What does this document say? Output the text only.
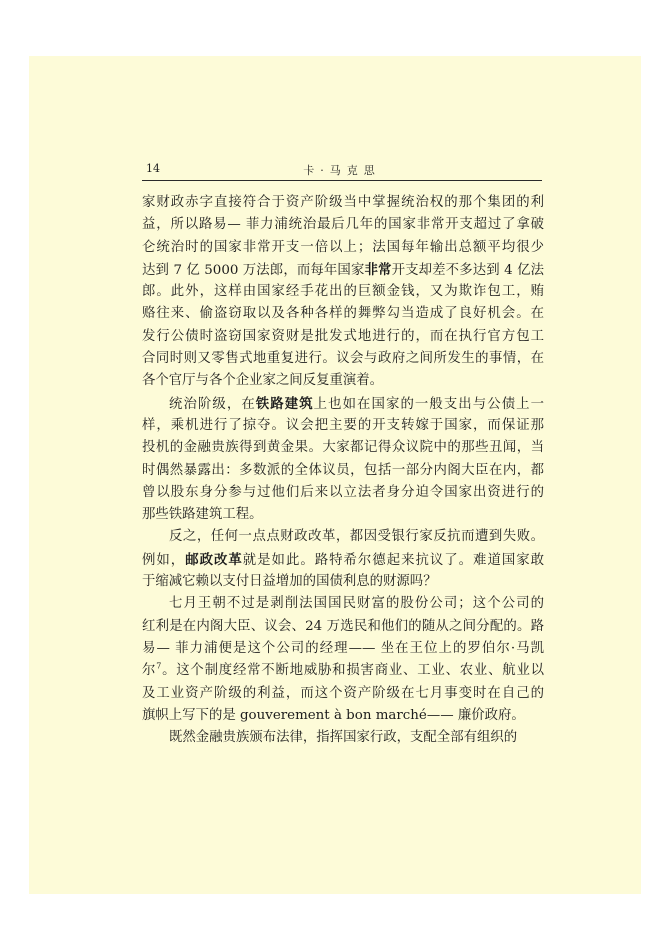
14	卡·马克思
家财政赤字直接符合于资产阶级当中掌握统治权的那个集团的利
益，所以路易— 菲力浦统治最后几年的国家非常开支超过了拿破
仑统治时的国家非常开支一倍以上；法国每年输出总额平均很少
达到 7 亿 5000 万法郎，而每年国家非常开支却差不多达到 4 亿法
郎。此外，这样由国家经手花出的巨额金钱，又为欺诈包工，贿
赂往来、偷盗窃取以及各种各样的舞弊勾当造成了良好机会。在
发行公债时盗窃国家资财是批发式地进行的，而在执行官方包工
合同时则又零售式地重复进行。议会与政府之间所发生的事情，在
各个官厅与各个企业家之间反复重演着。
统治阶级，在铁路建筑上也如在国家的一般支出与公债上一
样，乘机进行了掠夺。议会把主要的开支转嫁于国家，而保证那
投机的金融贵族得到黄金果。大家都记得众议院中的那些丑闻，当
时偶然暴露出：多数派的全体议员，包括一部分内阁大臣在内，都
曾以股东身分参与过他们后来以立法者身分迫令国家出资进行的
那些铁路建筑工程。
反之，任何一点点财政改革，都因受银行家反抗而遭到失败。
例如，邮政改革就是如此。路特希尔德起来抗议了。难道国家敢
于缩减它赖以支付日益增加的国债利息的财源吗？
七月王朝不过是剥削法国国民财富的股份公司；这个公司的
红利是在内阁大臣、议会、24 万选民和他们的随从之间分配的。路
易— 菲力浦便是这个公司的经理—— 坐在王位上的罗伯尔·马凯
尔$^7$。这个制度经常不断地威胁和损害商业、工业、农业、航业以
及工业资产阶级的利益，而这个资产阶级在七月事变时在自己的
旗帜上写下的是 gouverement à bon marché—— 廉价政府。
既然金融贵族颁布法律，指挥国家行政，支配全部有组织的
